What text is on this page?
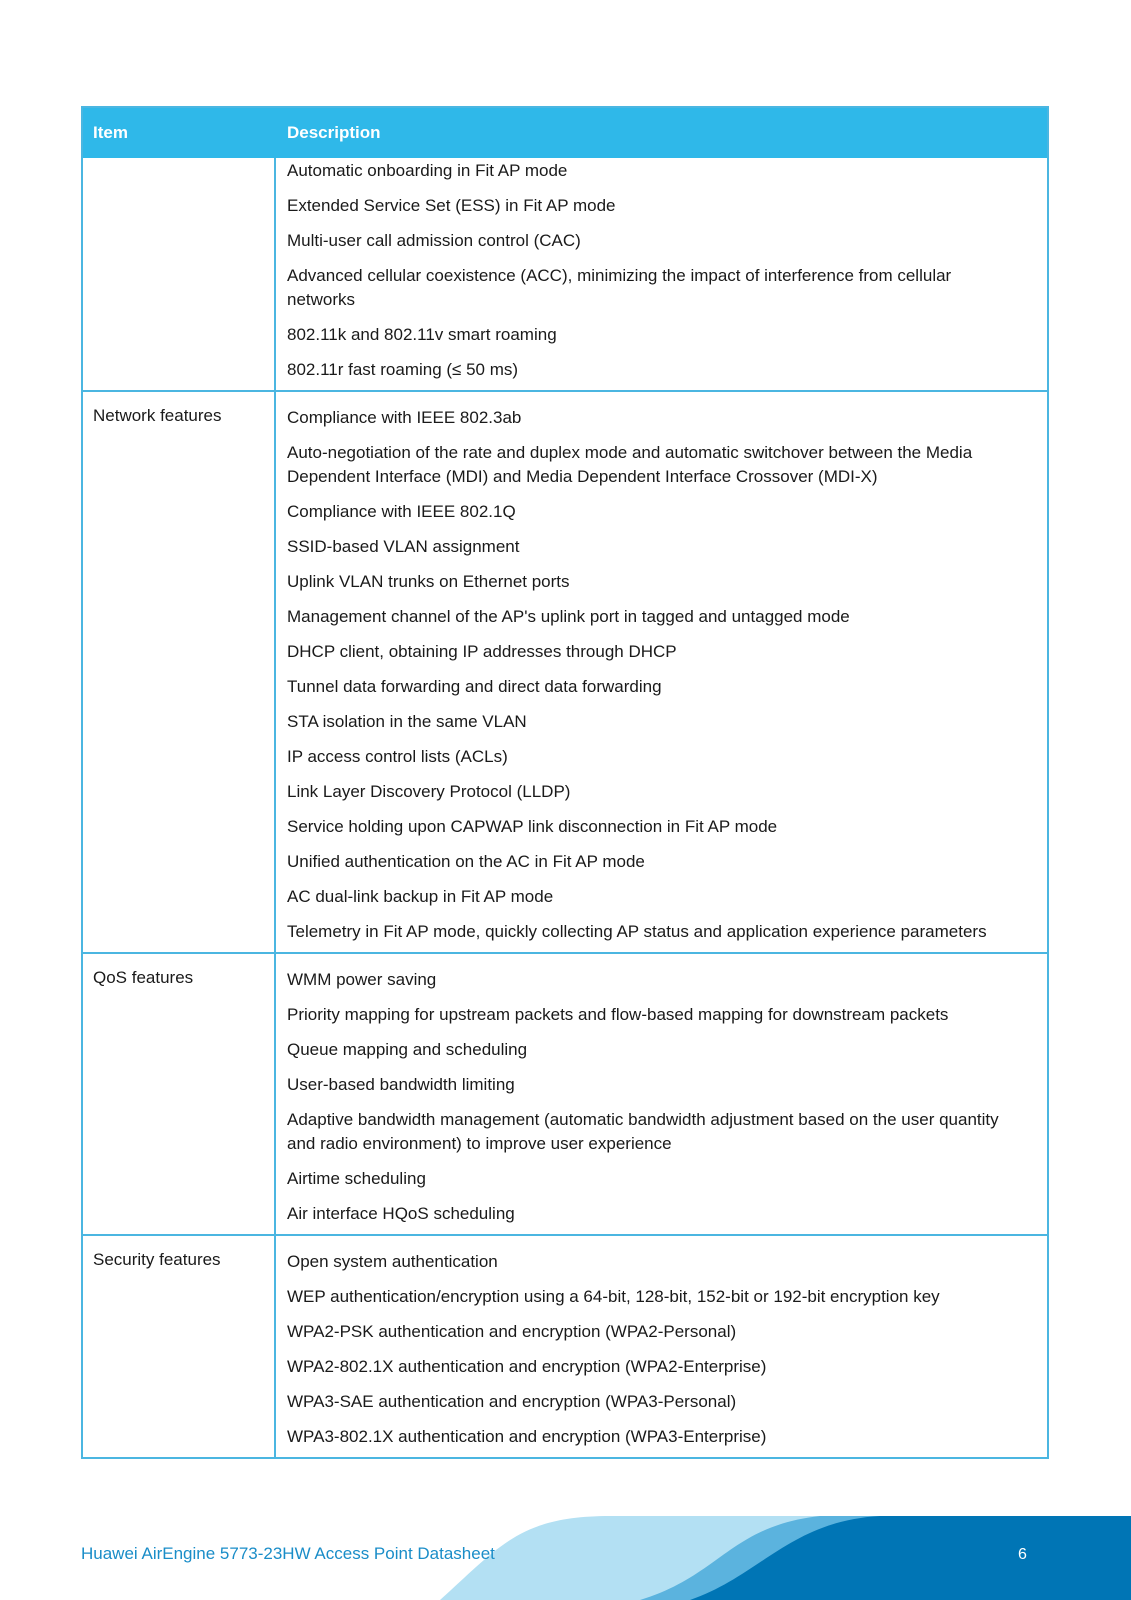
Item	Description
Automatic onboarding in Fit AP mode
Extended Service Set (ESS) in Fit AP mode
Multi-user call admission control (CAC)
Advanced cellular coexistence (ACC), minimizing the impact of interference from cellular networks
802.11k and 802.11v smart roaming
802.11r fast roaming (≤ 50 ms)
Network features	Compliance with IEEE 802.3ab
Auto-negotiation of the rate and duplex mode and automatic switchover between the Media Dependent Interface (MDI) and Media Dependent Interface Crossover (MDI-X)
Compliance with IEEE 802.1Q
SSID-based VLAN assignment
Uplink VLAN trunks on Ethernet ports
Management channel of the AP's uplink port in tagged and untagged mode
DHCP client, obtaining IP addresses through DHCP
Tunnel data forwarding and direct data forwarding
STA isolation in the same VLAN
IP access control lists (ACLs)
Link Layer Discovery Protocol (LLDP)
Service holding upon CAPWAP link disconnection in Fit AP mode
Unified authentication on the AC in Fit AP mode
AC dual-link backup in Fit AP mode
Telemetry in Fit AP mode, quickly collecting AP status and application experience parameters
QoS features	WMM power saving
Priority mapping for upstream packets and flow-based mapping for downstream packets
Queue mapping and scheduling
User-based bandwidth limiting
Adaptive bandwidth management (automatic bandwidth adjustment based on the user quantity and radio environment) to improve user experience
Airtime scheduling
Air interface HQoS scheduling
Security features	Open system authentication
WEP authentication/encryption using a 64-bit, 128-bit, 152-bit or 192-bit encryption key
WPA2-PSK authentication and encryption (WPA2-Personal)
WPA2-802.1X authentication and encryption (WPA2-Enterprise)
WPA3-SAE authentication and encryption (WPA3-Personal)
WPA3-802.1X authentication and encryption (WPA3-Enterprise)
Huawei AirEngine 5773-23HW Access Point Datasheet	6
